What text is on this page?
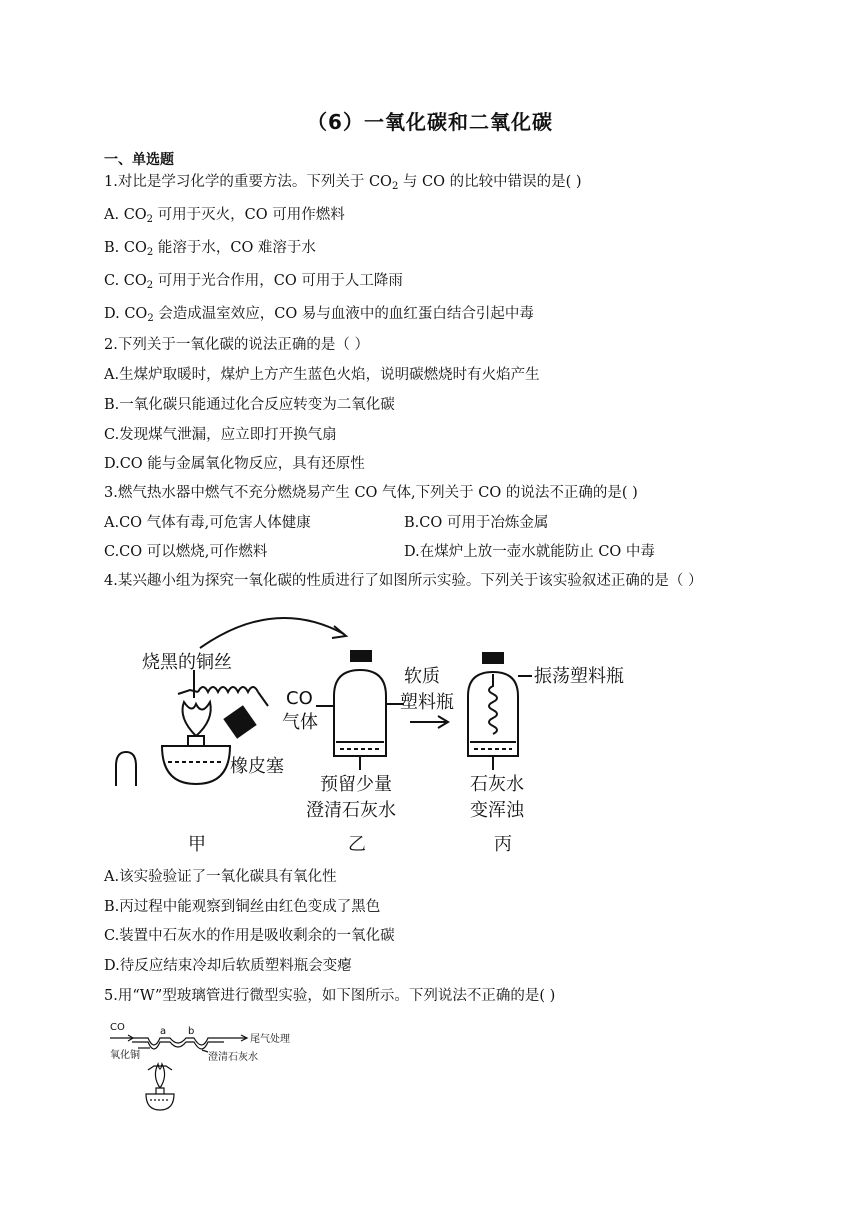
（6）一氧化碳和二氧化碳
一、单选题
1.对比是学习化学的重要方法。下列关于 $CO_2$ 与 CO 的比较中错误的是( )
A. $CO_2$ 可用于灭火，CO 可用作燃料
B. $CO_2$ 能溶于水，CO 难溶于水
C. $CO_2$ 可用于光合作用，CO 可用于人工降雨
D. $CO_2$ 会造成温室效应，CO 易与血液中的血红蛋白结合引起中毒
2.下列关于一氧化碳的说法正确的是（ ）
A.生煤炉取暖时，煤炉上方产生蓝色火焰，说明碳燃烧时有火焰产生
B.一氧化碳只能通过化合反应转变为二氧化碳
C.发现煤气泄漏，应立即打开换气扇
D.CO 能与金属氧化物反应，具有还原性
3.燃气热水器中燃气不充分燃烧易产生 CO 气体,下列关于 CO 的说法不正确的是( )
A.CO 气体有毒,可危害人体健康	B.CO 可用于冶炼金属
C.CO 可以燃烧,可作燃料	D.在煤炉上放一壶水就能防止 CO 中毒
4.某兴趣小组为探究一氧化碳的性质进行了如图所示实验。下列关于该实验叙述正确的是（ ）
烧黑的铜丝
CO
气体
软质
塑料瓶
振荡塑料瓶
橡皮塞
预留少量
澄清石灰水
石灰水
变浑浊
甲	乙	丙
A.该实验验证了一氧化碳具有氧化性
B.丙过程中能观察到铜丝由红色变成了黑色
C.装置中石灰水的作用是吸收剩余的一氧化碳
D.待反应结束冷却后软质塑料瓶会变瘪
5.用“W”型玻璃管进行微型实验，如下图所示。下列说法不正确的是( )
CO	a b
尾气处理
氧化铜	澄清石灰水
